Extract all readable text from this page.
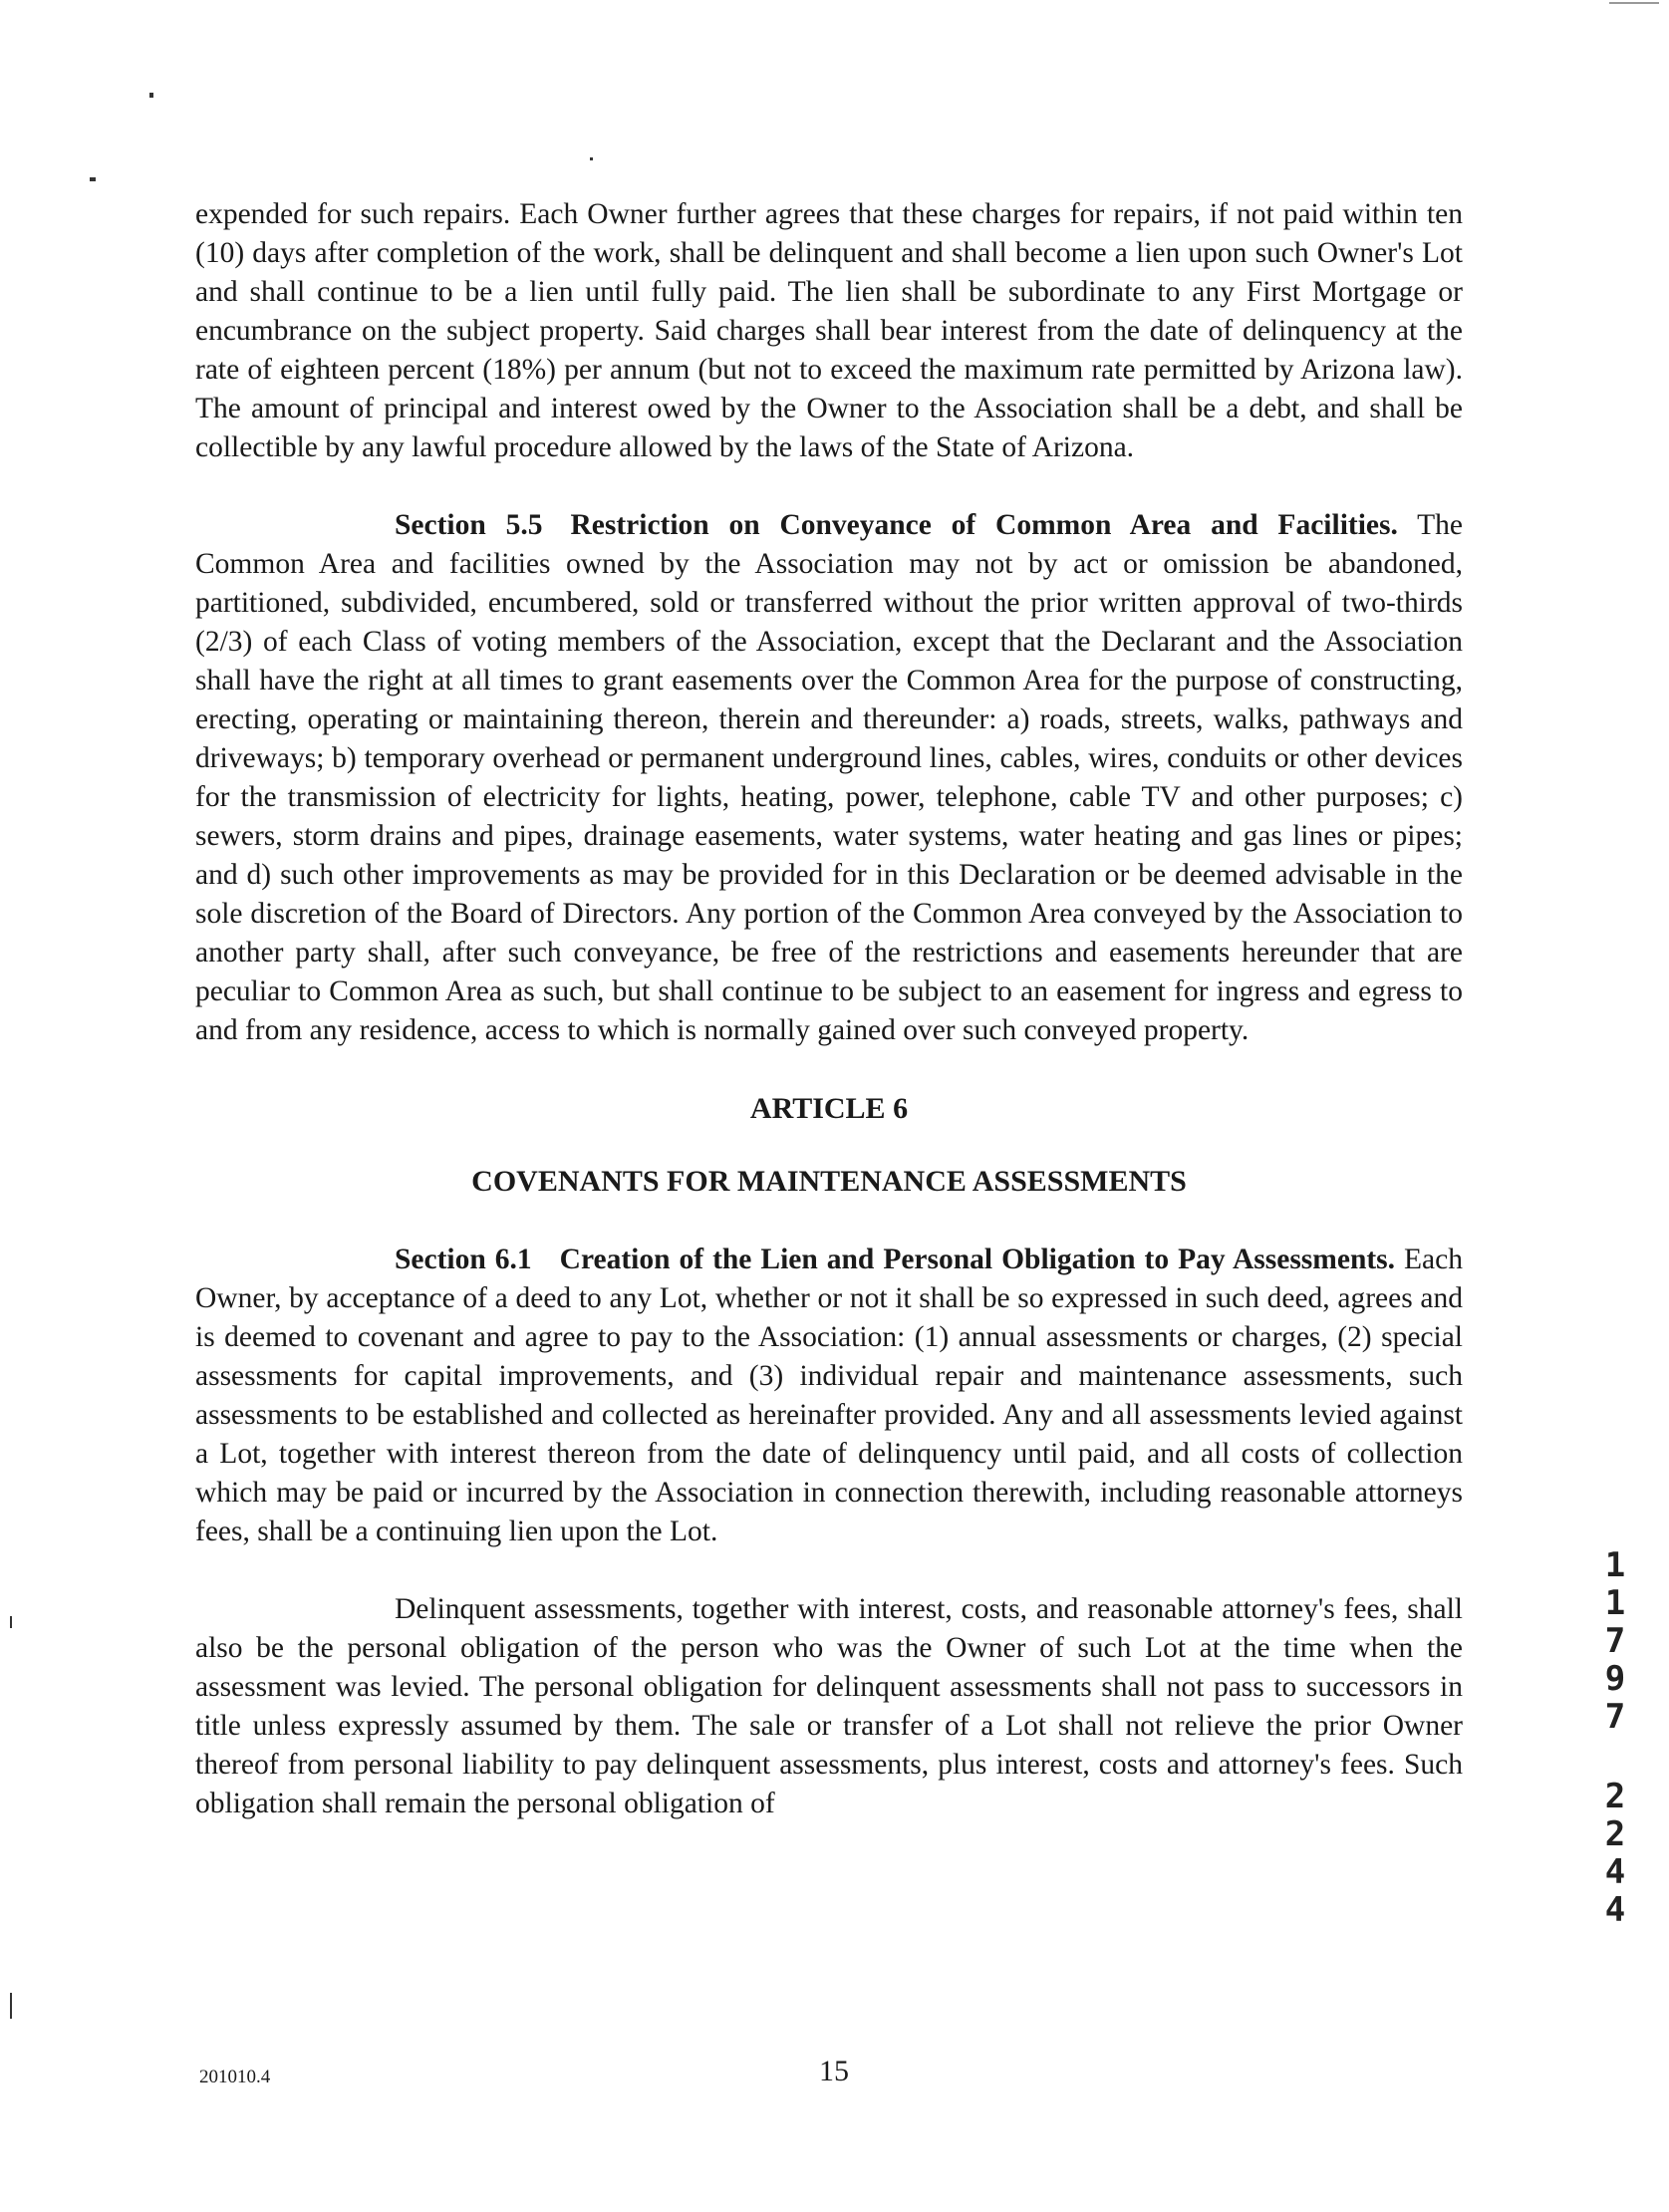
expended for such repairs. Each Owner further agrees that these charges for repairs, if not paid within ten (10) days after completion of the work, shall be delinquent and shall become a lien upon such Owner's Lot and shall continue to be a lien until fully paid. The lien shall be subordinate to any First Mortgage or encumbrance on the subject property. Said charges shall bear interest from the date of delinquency at the rate of eighteen percent (18%) per annum (but not to exceed the maximum rate permitted by Arizona law). The amount of principal and interest owed by the Owner to the Association shall be a debt, and shall be collectible by any lawful procedure allowed by the laws of the State of Arizona.

Section 5.5 Restriction on Conveyance of Common Area and Facilities. The Common Area and facilities owned by the Association may not by act or omission be abandoned, partitioned, subdivided, encumbered, sold or transferred without the prior written approval of two-thirds (2/3) of each Class of voting members of the Association, except that the Declarant and the Association shall have the right at all times to grant easements over the Common Area for the purpose of constructing, erecting, operating or maintaining thereon, therein and thereunder: a) roads, streets, walks, pathways and driveways; b) temporary overhead or permanent underground lines, cables, wires, conduits or other devices for the transmission of electricity for lights, heating, power, telephone, cable TV and other purposes; c) sewers, storm drains and pipes, drainage easements, water systems, water heating and gas lines or pipes; and d) such other improvements as may be provided for in this Declaration or be deemed advisable in the sole discretion of the Board of Directors. Any portion of the Common Area conveyed by the Association to another party shall, after such conveyance, be free of the restrictions and easements hereunder that are peculiar to Common Area as such, but shall continue to be subject to an easement for ingress and egress to and from any residence, access to which is normally gained over such conveyed property.

ARTICLE 6
COVENANTS FOR MAINTENANCE ASSESSMENTS

Section 6.1 Creation of the Lien and Personal Obligation to Pay Assessments. Each Owner, by acceptance of a deed to any Lot, whether or not it shall be so expressed in such deed, agrees and is deemed to covenant and agree to pay to the Association: (1) annual assessments or charges, (2) special assessments for capital improvements, and (3) individual repair and maintenance assessments, such assessments to be established and collected as hereinafter provided. Any and all assessments levied against a Lot, together with interest thereon from the date of delinquency until paid, and all costs of collection which may be paid or incurred by the Association in connection therewith, including reasonable attorneys fees, shall be a continuing lien upon the Lot.

Delinquent assessments, together with interest, costs, and reasonable attorney's fees, shall also be the personal obligation of the person who was the Owner of such Lot at the time when the assessment was levied. The personal obligation for delinquent assessments shall not pass to successors in title unless expressly assumed by them. The sale or transfer of a Lot shall not relieve the prior Owner thereof from personal liability to pay delinquent assessments, plus interest, costs and attorney's fees. Such obligation shall remain the personal obligation of

1
1
7
9
7
2
2
4
4
201010.4	15
